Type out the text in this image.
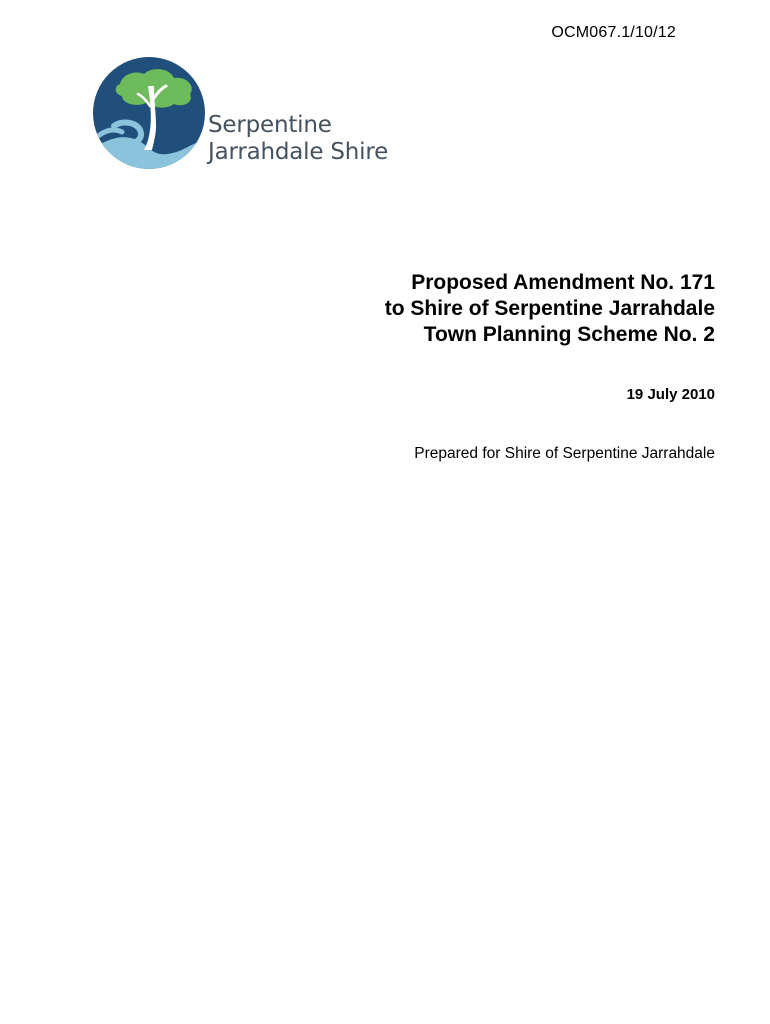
OCM067.1/10/12
Serpentine
Jarrahdale Shire
Proposed Amendment No. 171
to Shire of Serpentine Jarrahdale
Town Planning Scheme No. 2
19 July 2010
Prepared for Shire of Serpentine Jarrahdale
